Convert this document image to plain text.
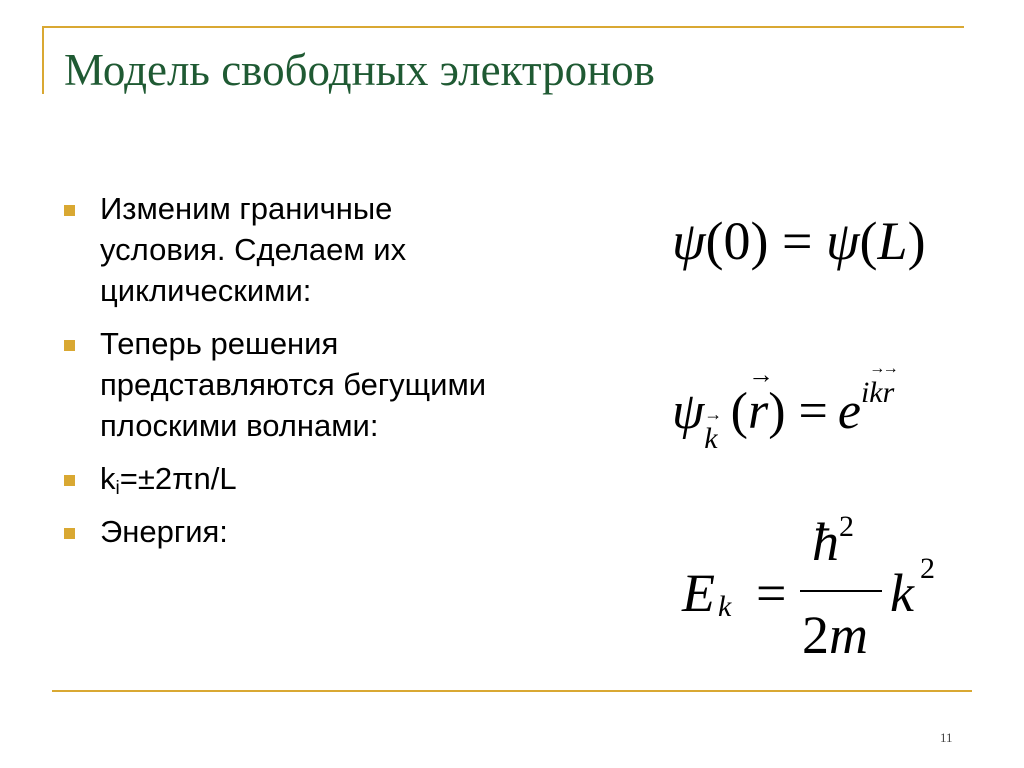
Модель свободных электронов
Изменим граничные условия. Сделаем их циклическими:
Теперь решения представляются бегущими плоскими волнами:
$k_i=\pm 2\pi n/L$
Энергия:
ψ(0) = ψ(L)
ψ $_{\to k}$ (
→
$r) = e^{i \to k \to r}$
E k =
$ħ^2$
2m
k 2
11
